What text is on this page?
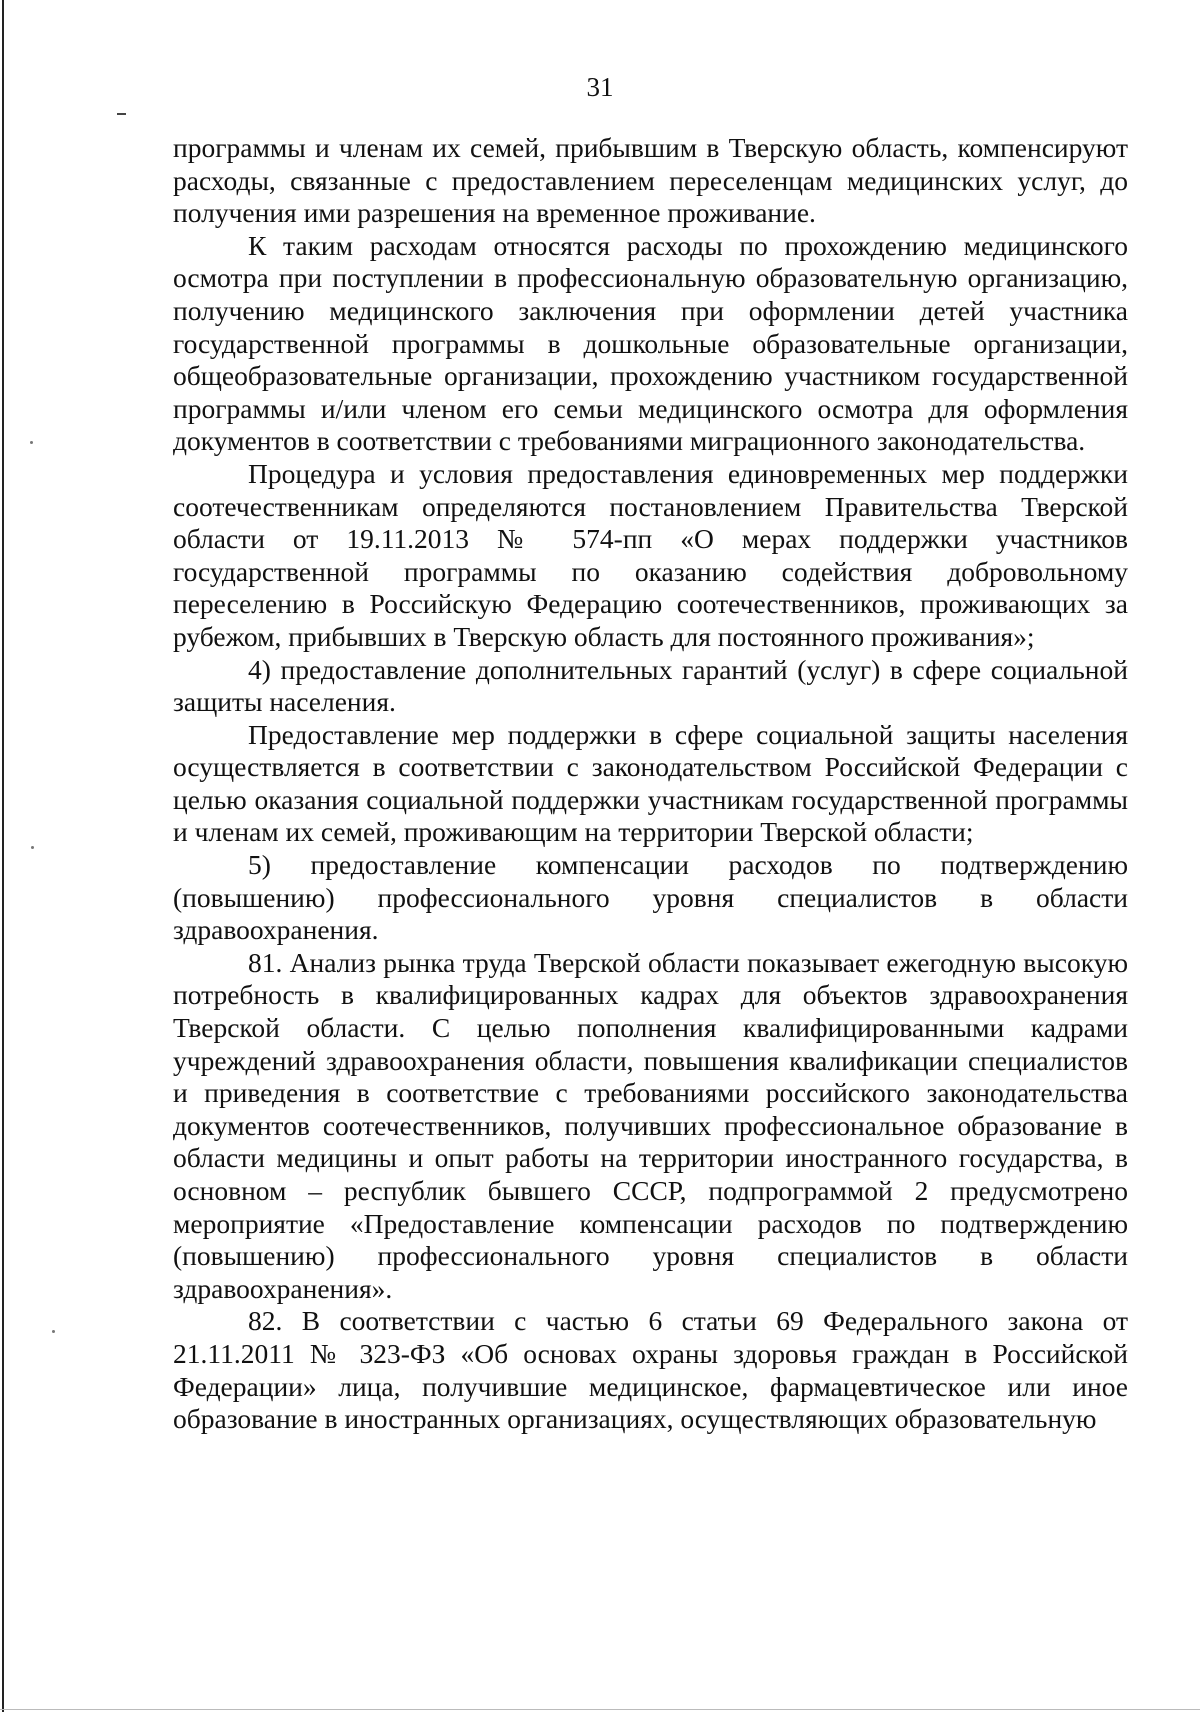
31

программы и членам их семей, прибывшим в Тверскую область, компенсируют расходы, связанные с предоставлением переселенцам медицинских услуг, до получения ими разрешения на временное проживание.

К таким расходам относятся расходы по прохождению медицинского осмотра при поступлении в профессиональную образовательную организацию, получению медицинского заключения при оформлении детей участника государственной программы в дошкольные образовательные организации, общеобразовательные организации, прохождению участником государственной программы и/или членом его семьи медицинского осмотра для оформления документов в соответствии с требованиями миграционного законодательства.

Процедура и условия предоставления единовременных мер поддержки соотечественникам определяются постановлением Правительства Тверской области от 19.11.2013 № 574-пп «О мерах поддержки участников государственной программы по оказанию содействия добровольному переселению в Российскую Федерацию соотечественников, проживающих за рубежом, прибывших в Тверскую область для постоянного проживания»;

4) предоставление дополнительных гарантий (услуг) в сфере социальной защиты населения.

Предоставление мер поддержки в сфере социальной защиты населения осуществляется в соответствии с законодательством Российской Федерации с целью оказания социальной поддержки участникам государственной программы и членам их семей, проживающим на территории Тверской области;

5) предоставление компенсации расходов по подтверждению (повышению) профессионального уровня специалистов в области здравоохранения.

81. Анализ рынка труда Тверской области показывает ежегодную высокую потребность в квалифицированных кадрах для объектов здравоохранения Тверской области. С целью пополнения квалифицированными кадрами учреждений здравоохранения области, повышения квалификации специалистов и приведения в соответствие с требованиями российского законодательства документов соотечественников, получивших профессиональное образование в области медицины и опыт работы на территории иностранного государства, в основном – республик бывшего СССР, подпрограммой 2 предусмотрено мероприятие «Предоставление компенсации расходов по подтверждению (повышению) профессионального уровня специалистов в области здравоохранения».

82. В соответствии с частью 6 статьи 69 Федерального закона от 21.11.2011 № 323-ФЗ «Об основах охраны здоровья граждан в Российской Федерации» лица, получившие медицинское, фармацевтическое или иное образование в иностранных организациях, осуществляющих образовательную
